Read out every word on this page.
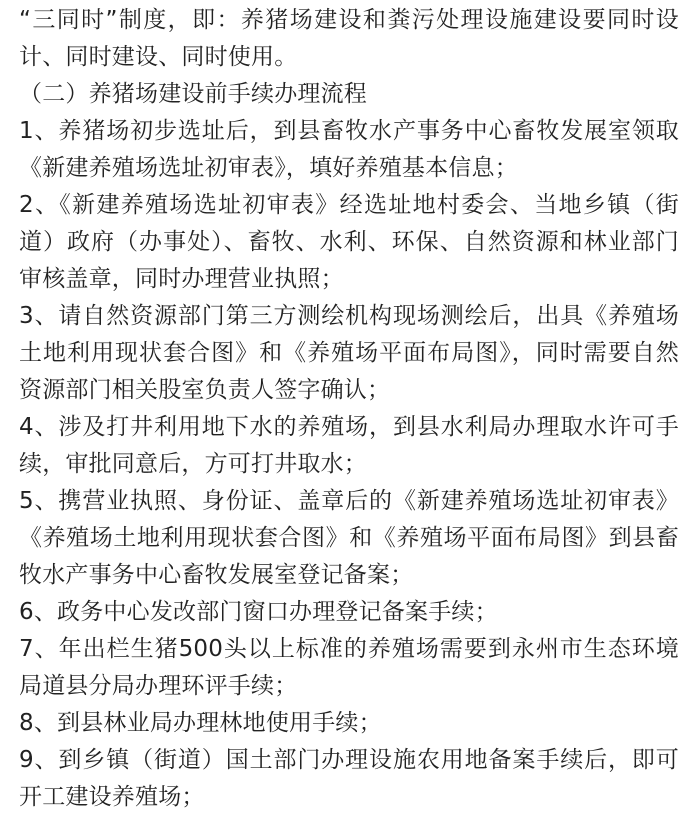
“三同时”制度，即：养猪场建设和粪污处理设施建设要同时设计、同时建设、同时使用。

（二）养猪场建设前手续办理流程

1、养猪场初步选址后，到县畜牧水产事务中心畜牧发展室领取《新建养殖场选址初审表》，填好养殖基本信息；

2、《新建养殖场选址初审表》经选址地村委会、当地乡镇（街道）政府（办事处）、畜牧、水利、环保、自然资源和林业部门审核盖章，同时办理营业执照；

3、请自然资源部门第三方测绘机构现场测绘后，出具《养殖场土地利用现状套合图》和《养殖场平面布局图》，同时需要自然资源部门相关股室负责人签字确认；

4、涉及打井利用地下水的养殖场，到县水利局办理取水许可手续，审批同意后，方可打井取水；

5、携营业执照、身份证、盖章后的《新建养殖场选址初审表》《养殖场土地利用现状套合图》和《养殖场平面布局图》到县畜牧水产事务中心畜牧发展室登记备案；

6、政务中心发改部门窗口办理登记备案手续；

7、年出栏生猪500头以上标准的养殖场需要到永州市生态环境局道县分局办理环评手续；

8、到县林业局办理林地使用手续；

9、到乡镇（街道）国土部门办理设施农用地备案手续后，即可开工建设养殖场；
